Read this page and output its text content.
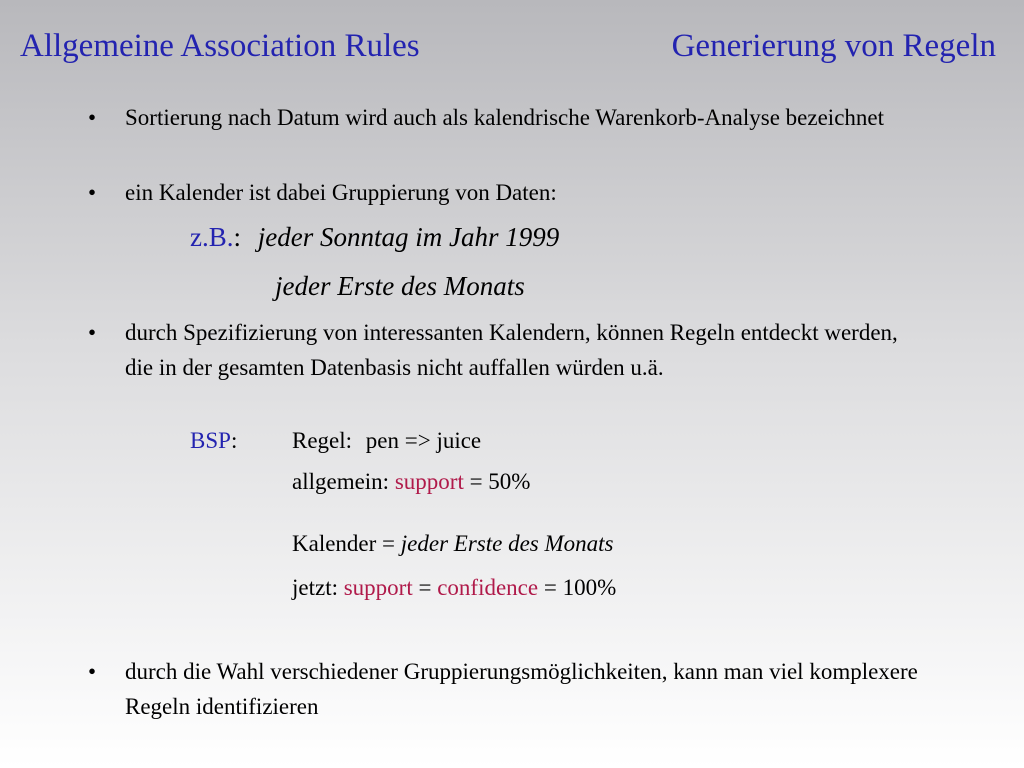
Allgemeine Association Rules	Generierung von Regeln
• Sortierung nach Datum wird auch als kalendrische Warenkorb-Analyse bezeichnet
• ein Kalender ist dabei Gruppierung von Daten:
z.B.: jeder Sonntag im Jahr 1999
jeder Erste des Monats
• durch Spezifizierung von interessanten Kalendern, können Regeln entdeckt werden, die in der gesamten Datenbasis nicht auffallen würden u.ä.
BSP: Regel: pen => juice
allgemein: support = 50%
Kalender = jeder Erste des Monats
jetzt: support = confidence = 100%
• durch die Wahl verschiedener Gruppierungsmöglichkeiten, kann man viel komplexere Regeln identifizieren
